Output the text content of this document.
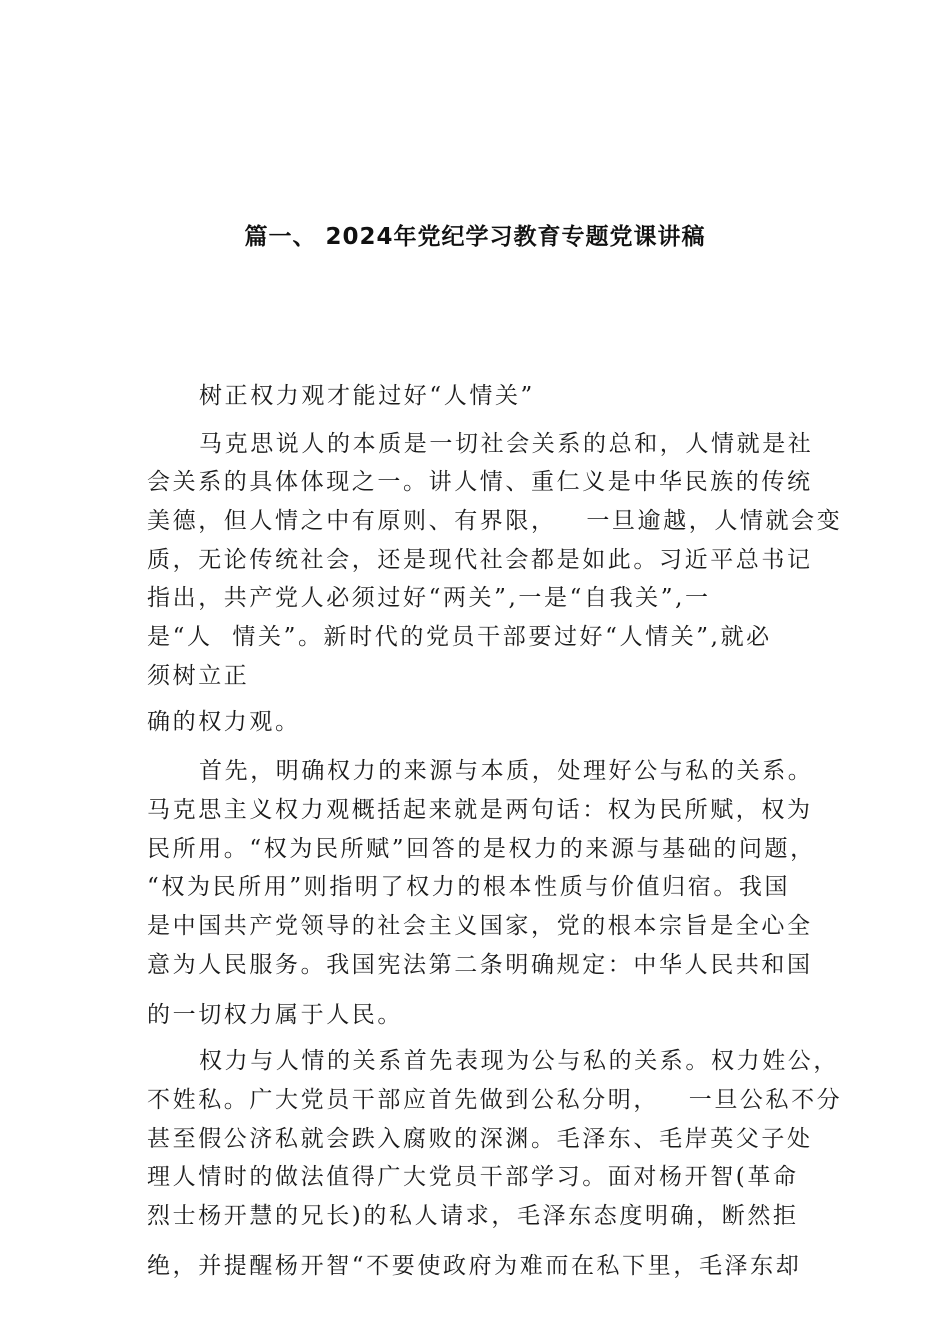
篇一、 2024年党纪学习教育专题党课讲稿
树正权力观才能过好“人情关”
马克思说人的本质是一切社会关系的总和，人情就是社
会关系的具体体现之一。讲人情、重仁义是中华民族的传统
美德，但人情之中有原则、有界限，   一旦逾越，人情就会变
质，无论传统社会，还是现代社会都是如此。习近平总书记
指出，共产党人必须过好“两关”,一是“自我关”,一
是“人  情关”。新时代的党员干部要过好“人情关”,就必
须树立正
确的权力观。
首先，明确权力的来源与本质，处理好公与私的关系。
马克思主义权力观概括起来就是两句话：权为民所赋，权为
民所用。“权为民所赋”回答的是权力的来源与基础的问题，
“权为民所用”则指明了权力的根本性质与价值归宿。我国
是中国共产党领导的社会主义国家，党的根本宗旨是全心全
意为人民服务。我国宪法第二条明确规定：中华人民共和国
的一切权力属于人民。
权力与人情的关系首先表现为公与私的关系。权力姓公，
不姓私。广大党员干部应首先做到公私分明，   一旦公私不分
甚至假公济私就会跌入腐败的深渊。毛泽东、毛岸英父子处
理人情时的做法值得广大党员干部学习。面对杨开智(革命
烈士杨开慧的兄长)的私人请求，毛泽东态度明确，断然拒
绝，并提醒杨开智“不要使政府为难而在私下里，毛泽东却
